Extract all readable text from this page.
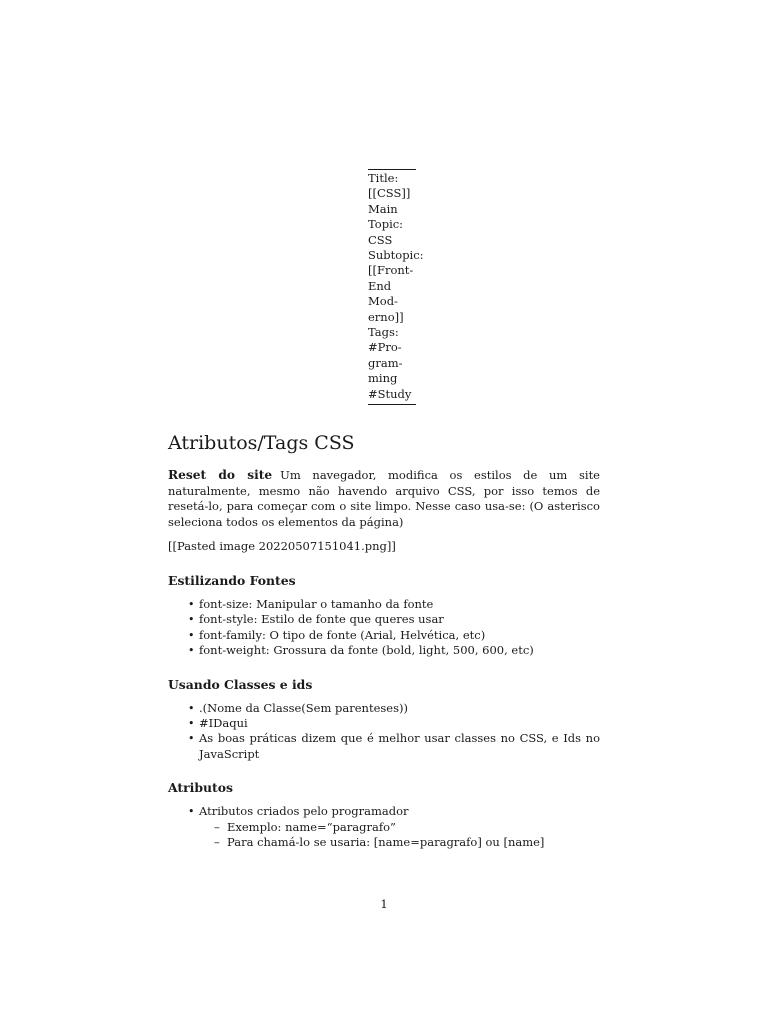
Title:
[[CSS]]
Main
Topic:
CSS
Subtopic:
[[Front-
End
Mod-
erno]]
Tags:
#Pro-
gram-
ming
#Study
Atributos/Tags CSS

Reset do site Um navegador, modifica os estilos de um site naturalmente, mesmo não havendo arquivo CSS, por isso temos de resetá-lo, para começar com o site limpo. Nesse caso usa-se: (O asterisco seleciona todos os elementos da página)

[[Pasted image 20220507151041.png]]

Estilizando Fontes
• font-size: Manipular o tamanho da fonte
• font-style: Estilo de fonte que queres usar
• font-family: O tipo de fonte (Arial, Helvética, etc)
• font-weight: Grossura da fonte (bold, light, 500, 600, etc)
Usando Classes e ids
• .(Nome da Classe(Sem parenteses))
• #IDaqui
• As boas práticas dizem que é melhor usar classes no CSS, e Ids no JavaScript
Atributos
• Atributos criados pelo programador
– Exemplo: name=“paragrafo”
– Para chamá-lo se usaria: [name=paragrafo] ou [name]
1
